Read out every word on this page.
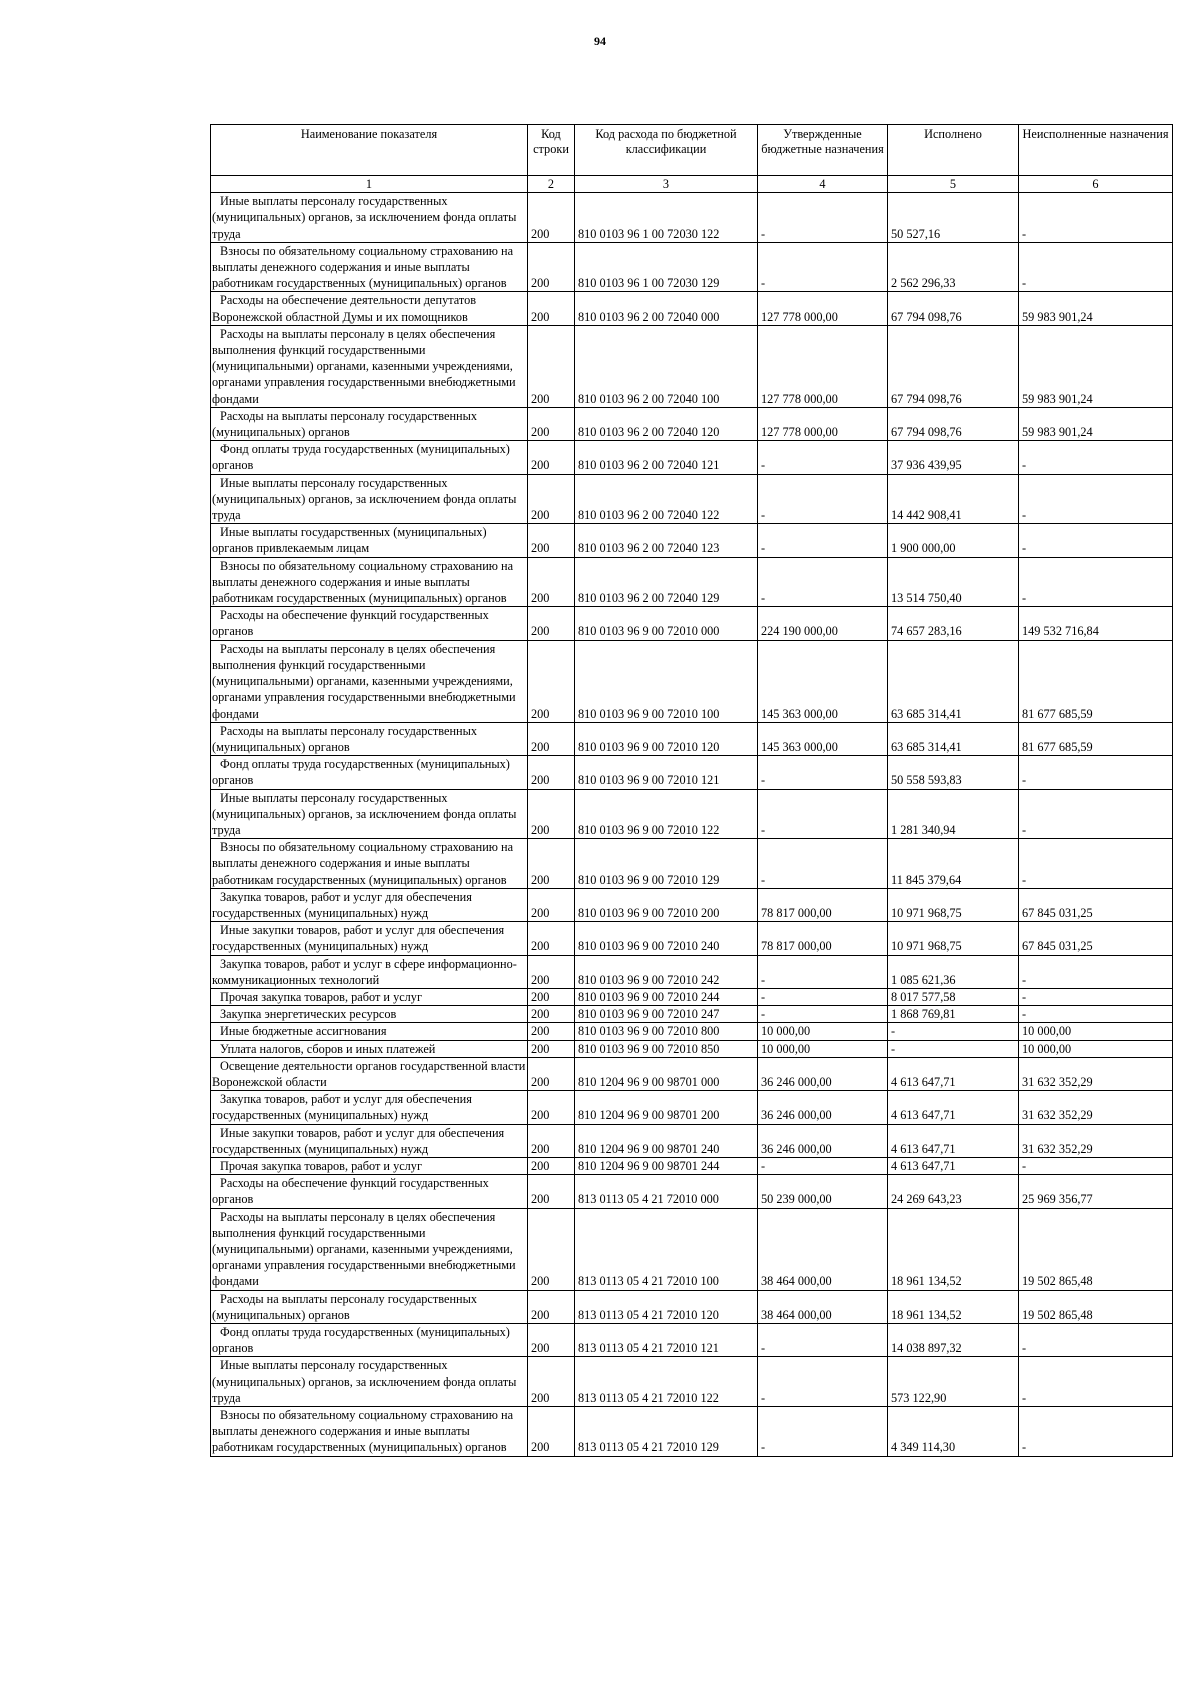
94
Наименование показателя	Код строки	Код расхода по бюджетной классификации	Утвержденные бюджетные назначения	Исполнено	Неисполненные назначения
1	2	3	4	5	6
Иные выплаты персоналу государственных (муниципальных) органов, за исключением фонда оплаты труда	200	810 0103 96 1 00 72030 122	-	50 527,16	-
Взносы по обязательному социальному страхованию на выплаты денежного содержания и иные выплаты работникам государственных (муниципальных) органов	200	810 0103 96 1 00 72030 129	-	2 562 296,33	-
Расходы на обеспечение деятельности депутатов Воронежской областной Думы и их помощников	200	810 0103 96 2 00 72040 000	127 778 000,00	67 794 098,76	59 983 901,24
Расходы на выплаты персоналу в целях обеспечения выполнения функций государственными (муниципальными) органами, казенными учреждениями, органами управления государственными внебюджетными фондами	200	810 0103 96 2 00 72040 100	127 778 000,00	67 794 098,76	59 983 901,24
Расходы на выплаты персоналу государственных (муниципальных) органов	200	810 0103 96 2 00 72040 120	127 778 000,00	67 794 098,76	59 983 901,24
Фонд оплаты труда государственных (муниципальных) органов	200	810 0103 96 2 00 72040 121	-	37 936 439,95	-
Иные выплаты персоналу государственных (муниципальных) органов, за исключением фонда оплаты труда	200	810 0103 96 2 00 72040 122	-	14 442 908,41	-
Иные выплаты государственных (муниципальных) органов привлекаемым лицам	200	810 0103 96 2 00 72040 123	-	1 900 000,00	-
Взносы по обязательному социальному страхованию на выплаты денежного содержания и иные выплаты работникам государственных (муниципальных) органов	200	810 0103 96 2 00 72040 129	-	13 514 750,40	-
Расходы на обеспечение функций государственных органов	200	810 0103 96 9 00 72010 000	224 190 000,00	74 657 283,16	149 532 716,84
Расходы на выплаты персоналу в целях обеспечения выполнения функций государственными (муниципальными) органами, казенными учреждениями, органами управления государственными внебюджетными фондами	200	810 0103 96 9 00 72010 100	145 363 000,00	63 685 314,41	81 677 685,59
Расходы на выплаты персоналу государственных (муниципальных) органов	200	810 0103 96 9 00 72010 120	145 363 000,00	63 685 314,41	81 677 685,59
Фонд оплаты труда государственных (муниципальных) органов	200	810 0103 96 9 00 72010 121	-	50 558 593,83	-
Иные выплаты персоналу государственных (муниципальных) органов, за исключением фонда оплаты труда	200	810 0103 96 9 00 72010 122	-	1 281 340,94	-
Взносы по обязательному социальному страхованию на выплаты денежного содержания и иные выплаты работникам государственных (муниципальных) органов	200	810 0103 96 9 00 72010 129	-	11 845 379,64	-
Закупка товаров, работ и услуг для обеспечения государственных (муниципальных) нужд	200	810 0103 96 9 00 72010 200	78 817 000,00	10 971 968,75	67 845 031,25
Иные закупки товаров, работ и услуг для обеспечения государственных (муниципальных) нужд	200	810 0103 96 9 00 72010 240	78 817 000,00	10 971 968,75	67 845 031,25
Закупка товаров, работ и услуг в сфере информационно-коммуникационных технологий	200	810 0103 96 9 00 72010 242	-	1 085 621,36	-
Прочая закупка товаров, работ и услуг	200	810 0103 96 9 00 72010 244	-	8 017 577,58	-
Закупка энергетических ресурсов	200	810 0103 96 9 00 72010 247	-	1 868 769,81	-
Иные бюджетные ассигнования	200	810 0103 96 9 00 72010 800	10 000,00	-	10 000,00
Уплата налогов, сборов и иных платежей	200	810 0103 96 9 00 72010 850	10 000,00	-	10 000,00
Освещение деятельности органов государственной власти Воронежской области	200	810 1204 96 9 00 98701 000	36 246 000,00	4 613 647,71	31 632 352,29
Закупка товаров, работ и услуг для обеспечения государственных (муниципальных) нужд	200	810 1204 96 9 00 98701 200	36 246 000,00	4 613 647,71	31 632 352,29
Иные закупки товаров, работ и услуг для обеспечения государственных (муниципальных) нужд	200	810 1204 96 9 00 98701 240	36 246 000,00	4 613 647,71	31 632 352,29
Прочая закупка товаров, работ и услуг	200	810 1204 96 9 00 98701 244	-	4 613 647,71	-
Расходы на обеспечение функций государственных органов	200	813 0113 05 4 21 72010 000	50 239 000,00	24 269 643,23	25 969 356,77
Расходы на выплаты персоналу в целях обеспечения выполнения функций государственными (муниципальными) органами, казенными учреждениями, органами управления государственными внебюджетными фондами	200	813 0113 05 4 21 72010 100	38 464 000,00	18 961 134,52	19 502 865,48
Расходы на выплаты персоналу государственных (муниципальных) органов	200	813 0113 05 4 21 72010 120	38 464 000,00	18 961 134,52	19 502 865,48
Фонд оплаты труда государственных (муниципальных) органов	200	813 0113 05 4 21 72010 121	-	14 038 897,32	-
Иные выплаты персоналу государственных (муниципальных) органов, за исключением фонда оплаты труда	200	813 0113 05 4 21 72010 122	-	573 122,90	-
Взносы по обязательному социальному страхованию на выплаты денежного содержания и иные выплаты работникам государственных (муниципальных) органов	200	813 0113 05 4 21 72010 129	-	4 349 114,30	-
